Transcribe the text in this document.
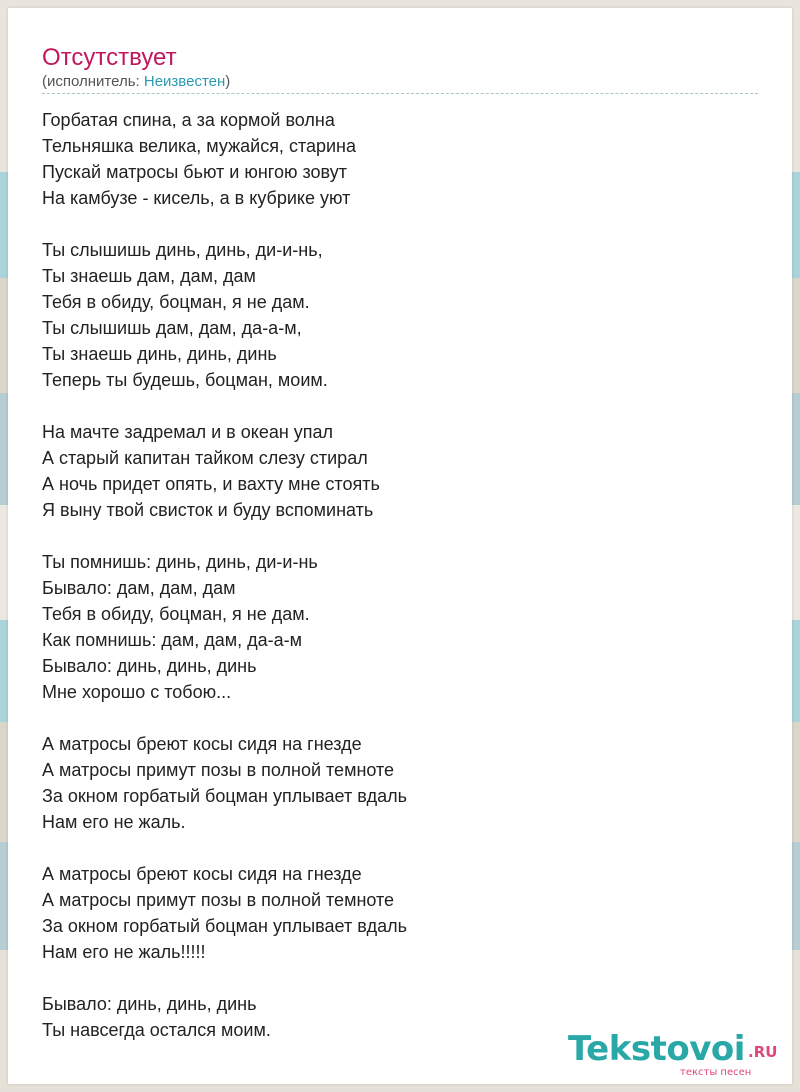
Отсутствует
(исполнитель: Неизвестен)
Горбатая спина, а за кормой волна
Тельняшка велика, мужайся, старина
Пускай матросы бьют и юнгою зовут
На камбузе - кисель, а в кубрике уют
Ты слышишь динь, динь, ди-и-нь,
Ты знаешь дам, дам, дам
Тебя в обиду, боцман, я не дам.
Ты слышишь дам, дам, да-а-м,
Ты знаешь динь, динь, динь
Теперь ты будешь, боцман, моим.
На мачте задремал и в океан упал
А старый капитан тайком слезу стирал
А ночь придет опять, и вахту мне стоять
Я выну твой свисток и буду вспоминать
Ты помнишь: динь, динь, ди-и-нь
Бывало: дам, дам, дам
Тебя в обиду, боцман, я не дам.
Как помнишь: дам, дам, да-а-м
Бывало: динь, динь, динь
Мне хорошо с тобою...
А матросы бреют косы сидя на гнезде
А матросы примут позы в полной темноте
За окном горбатый боцман уплывает вдаль
Нам его не жаль.
А матросы бреют косы сидя на гнезде
А матросы примут позы в полной темноте
За окном горбатый боцман уплывает вдаль
Нам его не жаль!!!!!
Бывало: динь, динь, динь
Ты навсегда остался моим.	Tekstovoi .RU
тексты песен
